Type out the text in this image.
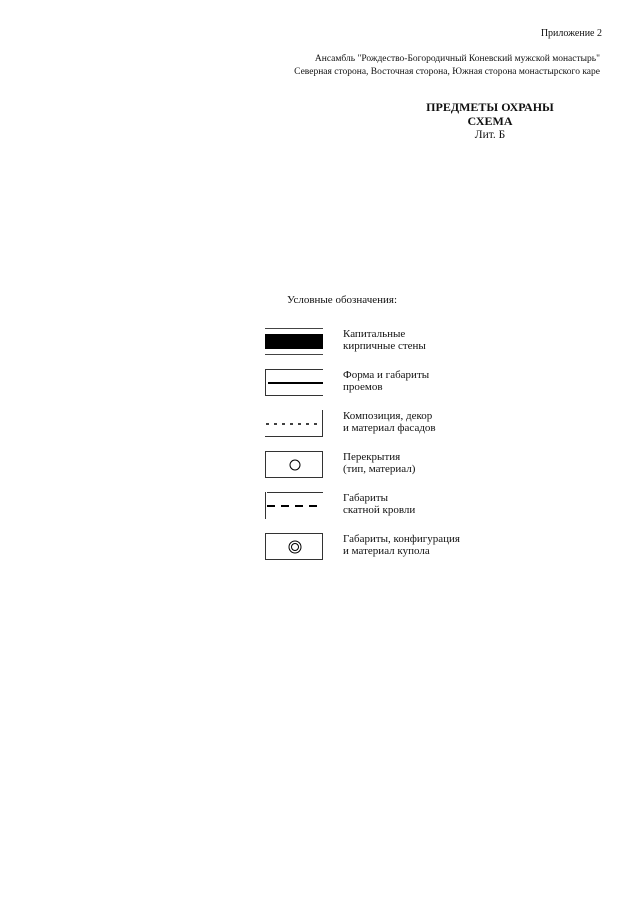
Приложение 2

Ансамбль "Рождество-Богородичный Коневский мужской монастырь"
Северная сторона, Восточная сторона, Южная сторона монастырского каре

ПРЕДМЕТЫ ОХРАНЫ
СХЕМА
Лит. Б

Условные обозначения:

Капитальные
кирпичные стены
Форма и габариты
проемов
Композиция, декор
и материал фасадов
Перекрытия
(тип, материал)
Габариты
скатной кровли
Габариты, конфигурация
и материал купола
